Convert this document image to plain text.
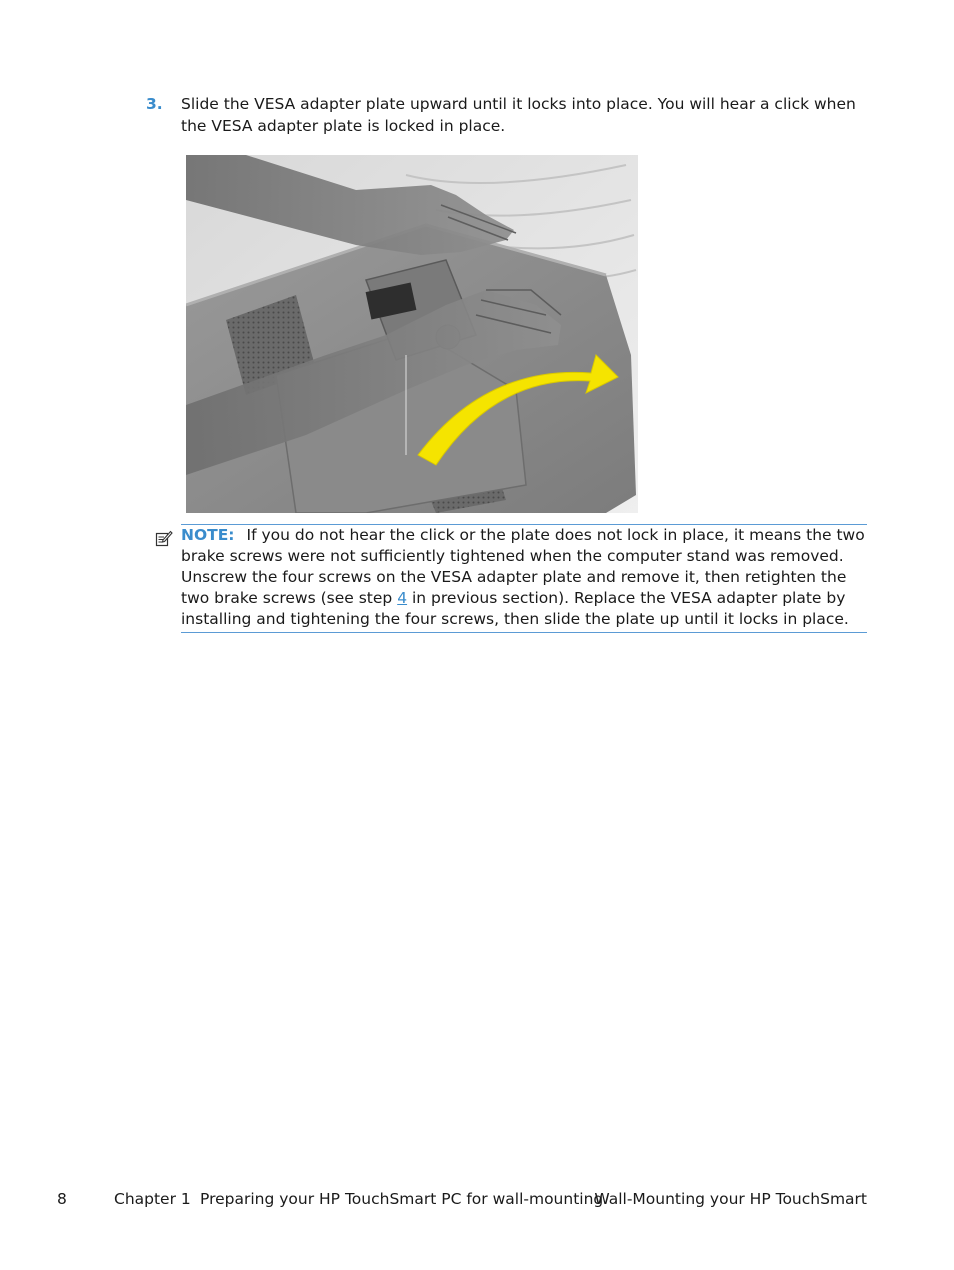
3. Slide the VESA adapter plate upward until it locks into place. You will hear a click when the VESA adapter plate is locked in place.
NOTE: If you do not hear the click or the plate does not lock in place, it means the two brake screws were not sufficiently tightened when the computer stand was removed. Unscrew the four screws on the VESA adapter plate and remove it, then retighten the two brake screws (see step 4 in previous section). Replace the VESA adapter plate by installing and tightening the four screws, then slide the plate up until it locks in place.
8	Chapter 1 Preparing your HP TouchSmart PC for wall-mounting
Wall-Mounting your HP TouchSmart
